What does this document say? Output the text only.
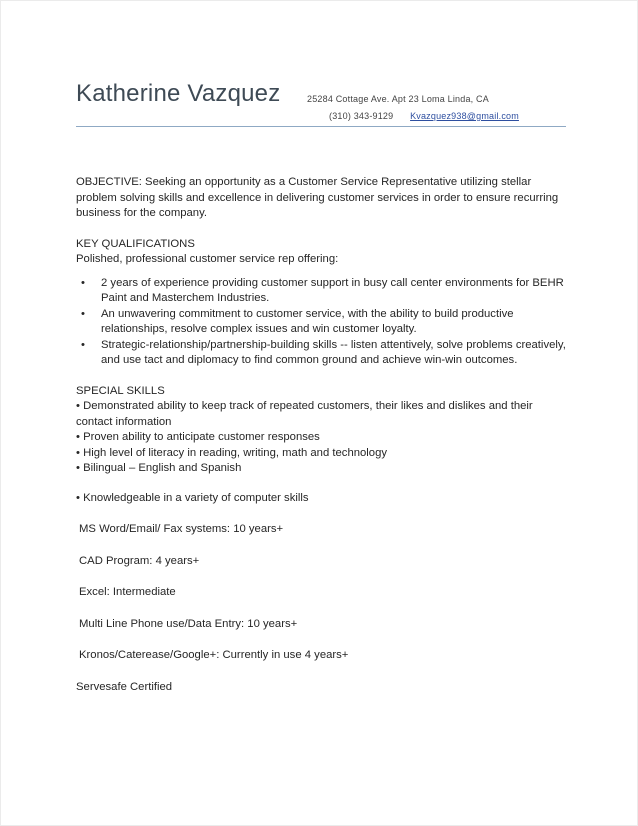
Katherine Vazquez	25284 Cottage Ave. Apt 23 Loma Linda, CA
(310) 343-9129 Kvazquez938@gmail.com

OBJECTIVE: Seeking an opportunity as a Customer Service Representative utilizing stellar problem solving skills and excellence in delivering customer services in order to ensure recurring business for the company.

KEY QUALIFICATIONS

Polished, professional customer service rep offering:

• 2 years of experience providing customer support in busy call center environments for BEHR Paint and Masterchem Industries.
• An unwavering commitment to customer service, with the ability to build productive relationships, resolve complex issues and win customer loyalty.
• Strategic-relationship/partnership-building skills -- listen attentively, solve problems creatively, and use tact and diplomacy to find common ground and achieve win-win outcomes.

SPECIAL SKILLS

• Demonstrated ability to keep track of repeated customers, their likes and dislikes and their contact information

• Proven ability to anticipate customer responses

• High level of literacy in reading, writing, math and technology

• Bilingual – English and Spanish

• Knowledgeable in a variety of computer skills

MS Word/Email/ Fax systems: 10 years+

CAD Program: 4 years+

Excel: Intermediate

Multi Line Phone use/Data Entry: 10 years+

Kronos/Caterease/Google+: Currently in use 4 years+

Servesafe Certified
